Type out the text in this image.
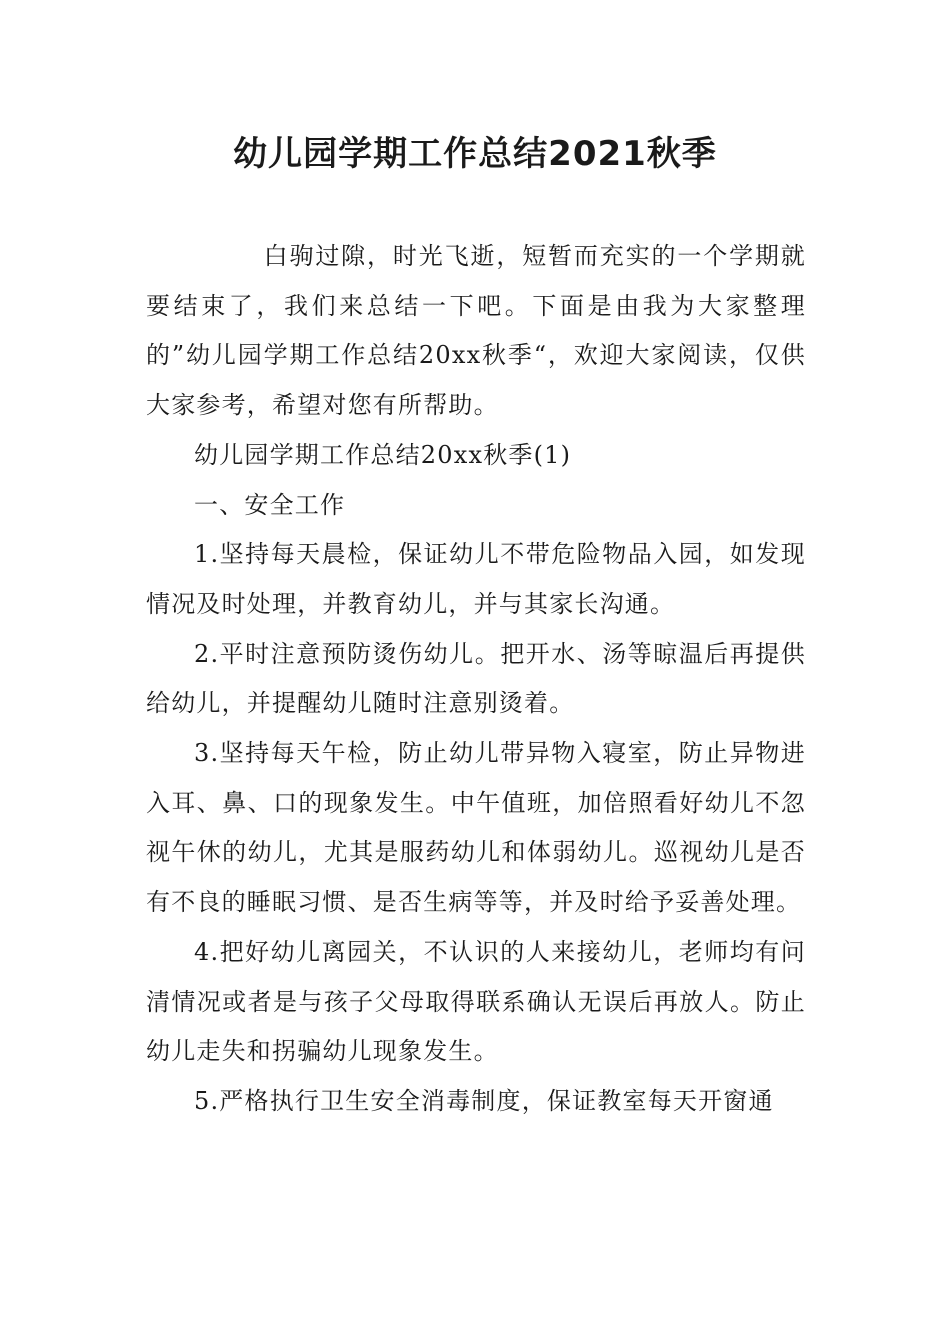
幼儿园学期工作总结2021秋季

白驹过隙，时光飞逝，短暂而充实的一个学期就要结束了，我们来总结一下吧。下面是由我为大家整理的”幼儿园学期工作总结20xx秋季“，欢迎大家阅读，仅供大家参考，希望对您有所帮助。

幼儿园学期工作总结20xx秋季(1)

一、安全工作

1.坚持每天晨检，保证幼儿不带危险物品入园，如发现情况及时处理，并教育幼儿，并与其家长沟通。

2.平时注意预防烫伤幼儿。把开水、汤等晾温后再提供给幼儿，并提醒幼儿随时注意别烫着。

3.坚持每天午检，防止幼儿带异物入寝室，防止异物进入耳、鼻、口的现象发生。中午值班，加倍照看好幼儿不忽视午休的幼儿，尤其是服药幼儿和体弱幼儿。巡视幼儿是否有不良的睡眠习惯、是否生病等等，并及时给予妥善处理。

4.把好幼儿离园关，不认识的人来接幼儿，老师均有问清情况或者是与孩子父母取得联系确认无误后再放人。防止幼儿走失和拐骗幼儿现象发生。

5.严格执行卫生安全消毒制度，保证教室每天开窗通
